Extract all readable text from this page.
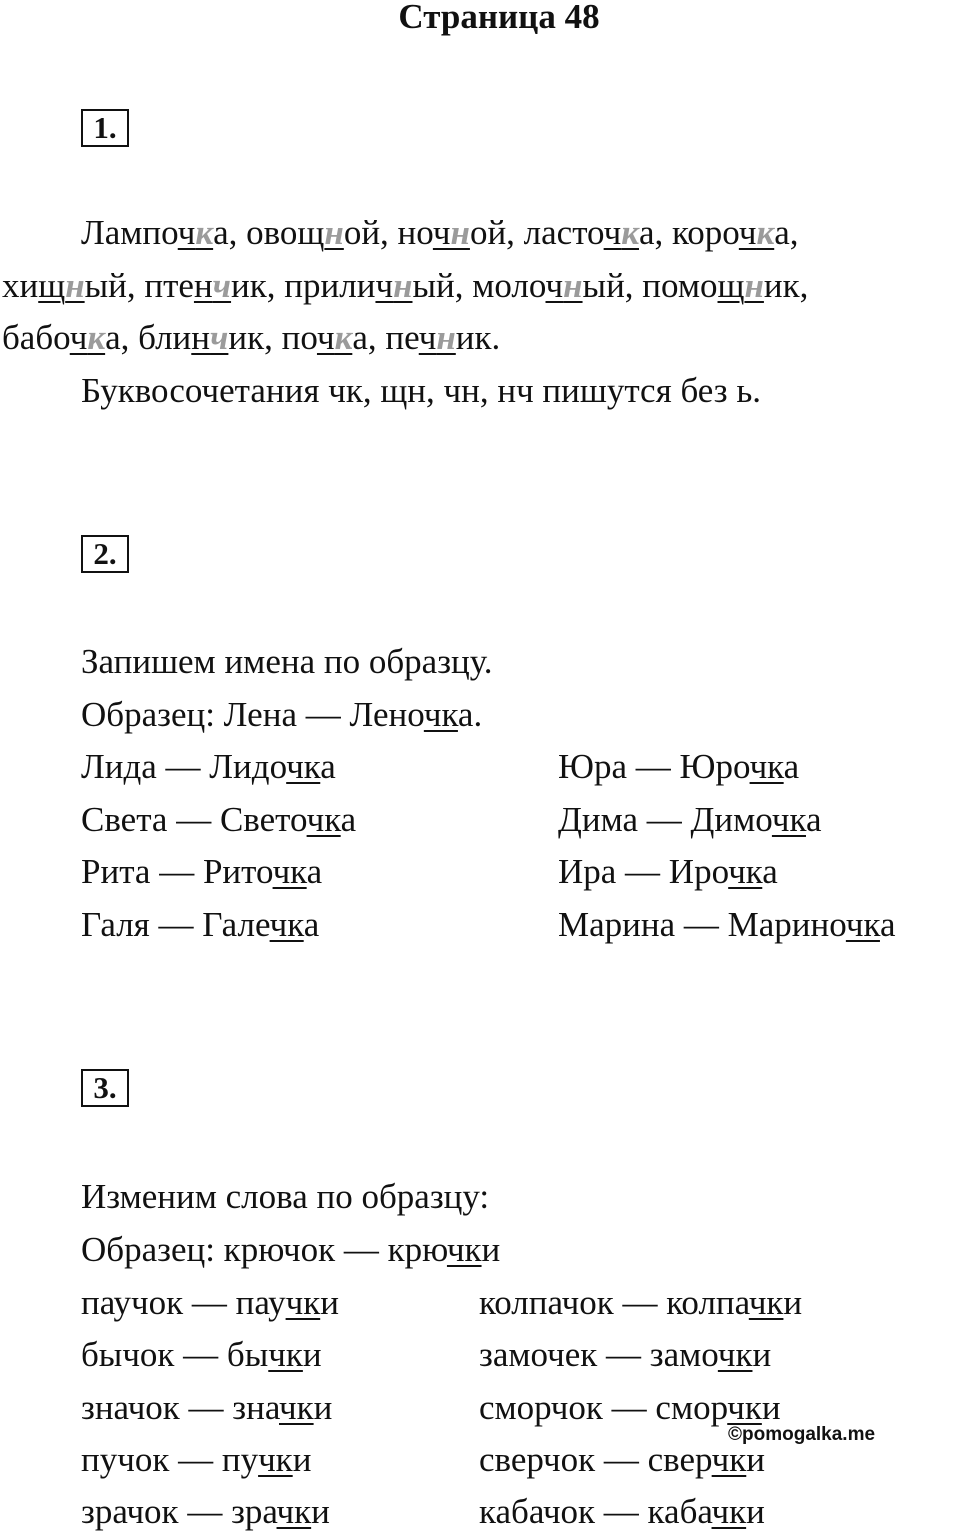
Страница 48
1.
Лампочка, овощной, ночной, ласточка, корочка,
хищный, птенчик, приличный, молочный, помощник,
бабочка, блинчик, почка, печник.
Буквосочетания чк, щн, чн, нч пишутся без ь.
2.
Запишем имена по образцу.
Образец: Лена — Леночка.
Лида — Лидочка
Света — Светочка
Рита — Риточка
Галя — Галечка
Юра — Юрочка
Дима — Димочка
Ира — Ирочка
Марина — Мариночка
3.
Изменим слова по образцу:
Образец: крючок — крючки
паучок — паучки
бычок — бычки
значок — значки
пучок — пучки
зрачок — зрачки
колпачок — колпачки
замочек — замочки
сморчок — сморчки
сверчок — сверчки
кабачок — кабачки
©pomogalka.me
